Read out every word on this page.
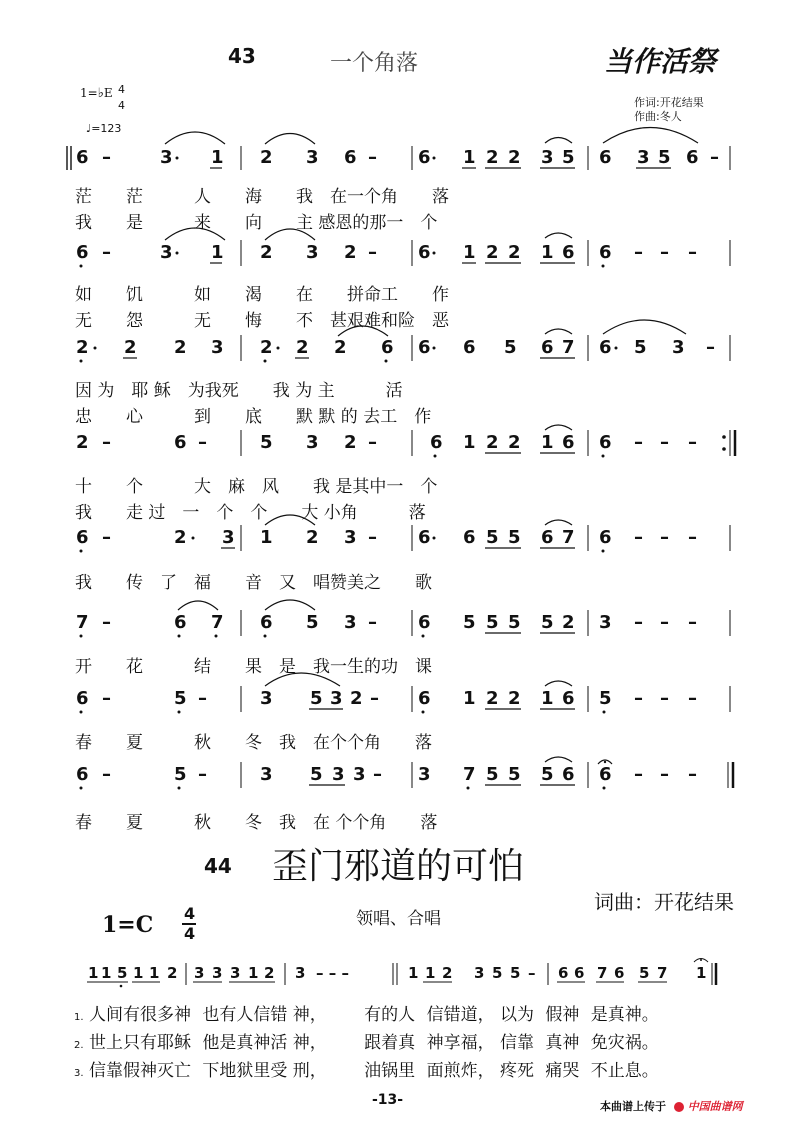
43	一个角落	当作活祭
1=♭E 4
4
♩=123
作词:开花结果
作曲:冬人
6 –	3 1 2 3 6 – 6 1 2 2 3 5 6 3 5 6 –
6 –	3 1 2 3 2 – 6 1 2 2 1 6 6 – – –
2 2 2 3 2 2 2 6 6 6 5 6 7 6 5 3 –
2 –	6 –	5 3 2 –	6 1 2 2 1 6 6 – – –
6 –	2 3 1 2 3 – 6 6 5 5 6 7 6 – – –
7 –	6 7 6 5 3 – 6 5 5 5 5 2 3 – – –
6 –	5 –	3 5 3 2 – 6 1 2 2 1 6 5 – – –
6 –	5 –	3 5 3 3 – 3 7 5 5 5 6 6 – – –
1 1 5 1 1 2 3 3 3 1 2 3 – – –	1 1 2 3 5 5 – 6 6 7 6 5 7 1
茫　　茫　　　人　　海　　我　在一个角　　落
我　　是　　　来　　向　　主 感恩的那一　个
如　　饥　　　如　　渴　　在　　拼命工　　作
无　　怨　　　无　　悔　　不　甚艰难和险　恶
因 为　耶 稣　为我死　　我 为 主　　　活
忠　　心　　　到　　底　　默 默 的 去工　作
十　　个　　　大　麻　风　　我 是其中一　个
我　　走 过　一　个　个　　大 小角　　　落
我　　传　了　福　　音　又　唱赞美之　　歌
开　　花　　　结　　果　是　我一生的功　课
春　　夏　　　秋　　冬　我　在个个角　　落
春　　夏　　　秋　　冬　我　在 个个角　　落
44 歪门邪道的可怕
词曲：开花结果
1=C 4
4
领唱、合唱
1. 人间有很多神 也有人信错 神， 有的人 信错道， 以为 假神 是真神。
2. 世上只有耶稣 他是真神活 神， 跟着真 神享福， 信靠 真神 免灾祸。
3. 信靠假神灭亡 下地狱里受 刑， 油锅里 面煎炸， 疼死 痛哭 不止息。
-13-	本曲谱上传于 中国曲谱网
